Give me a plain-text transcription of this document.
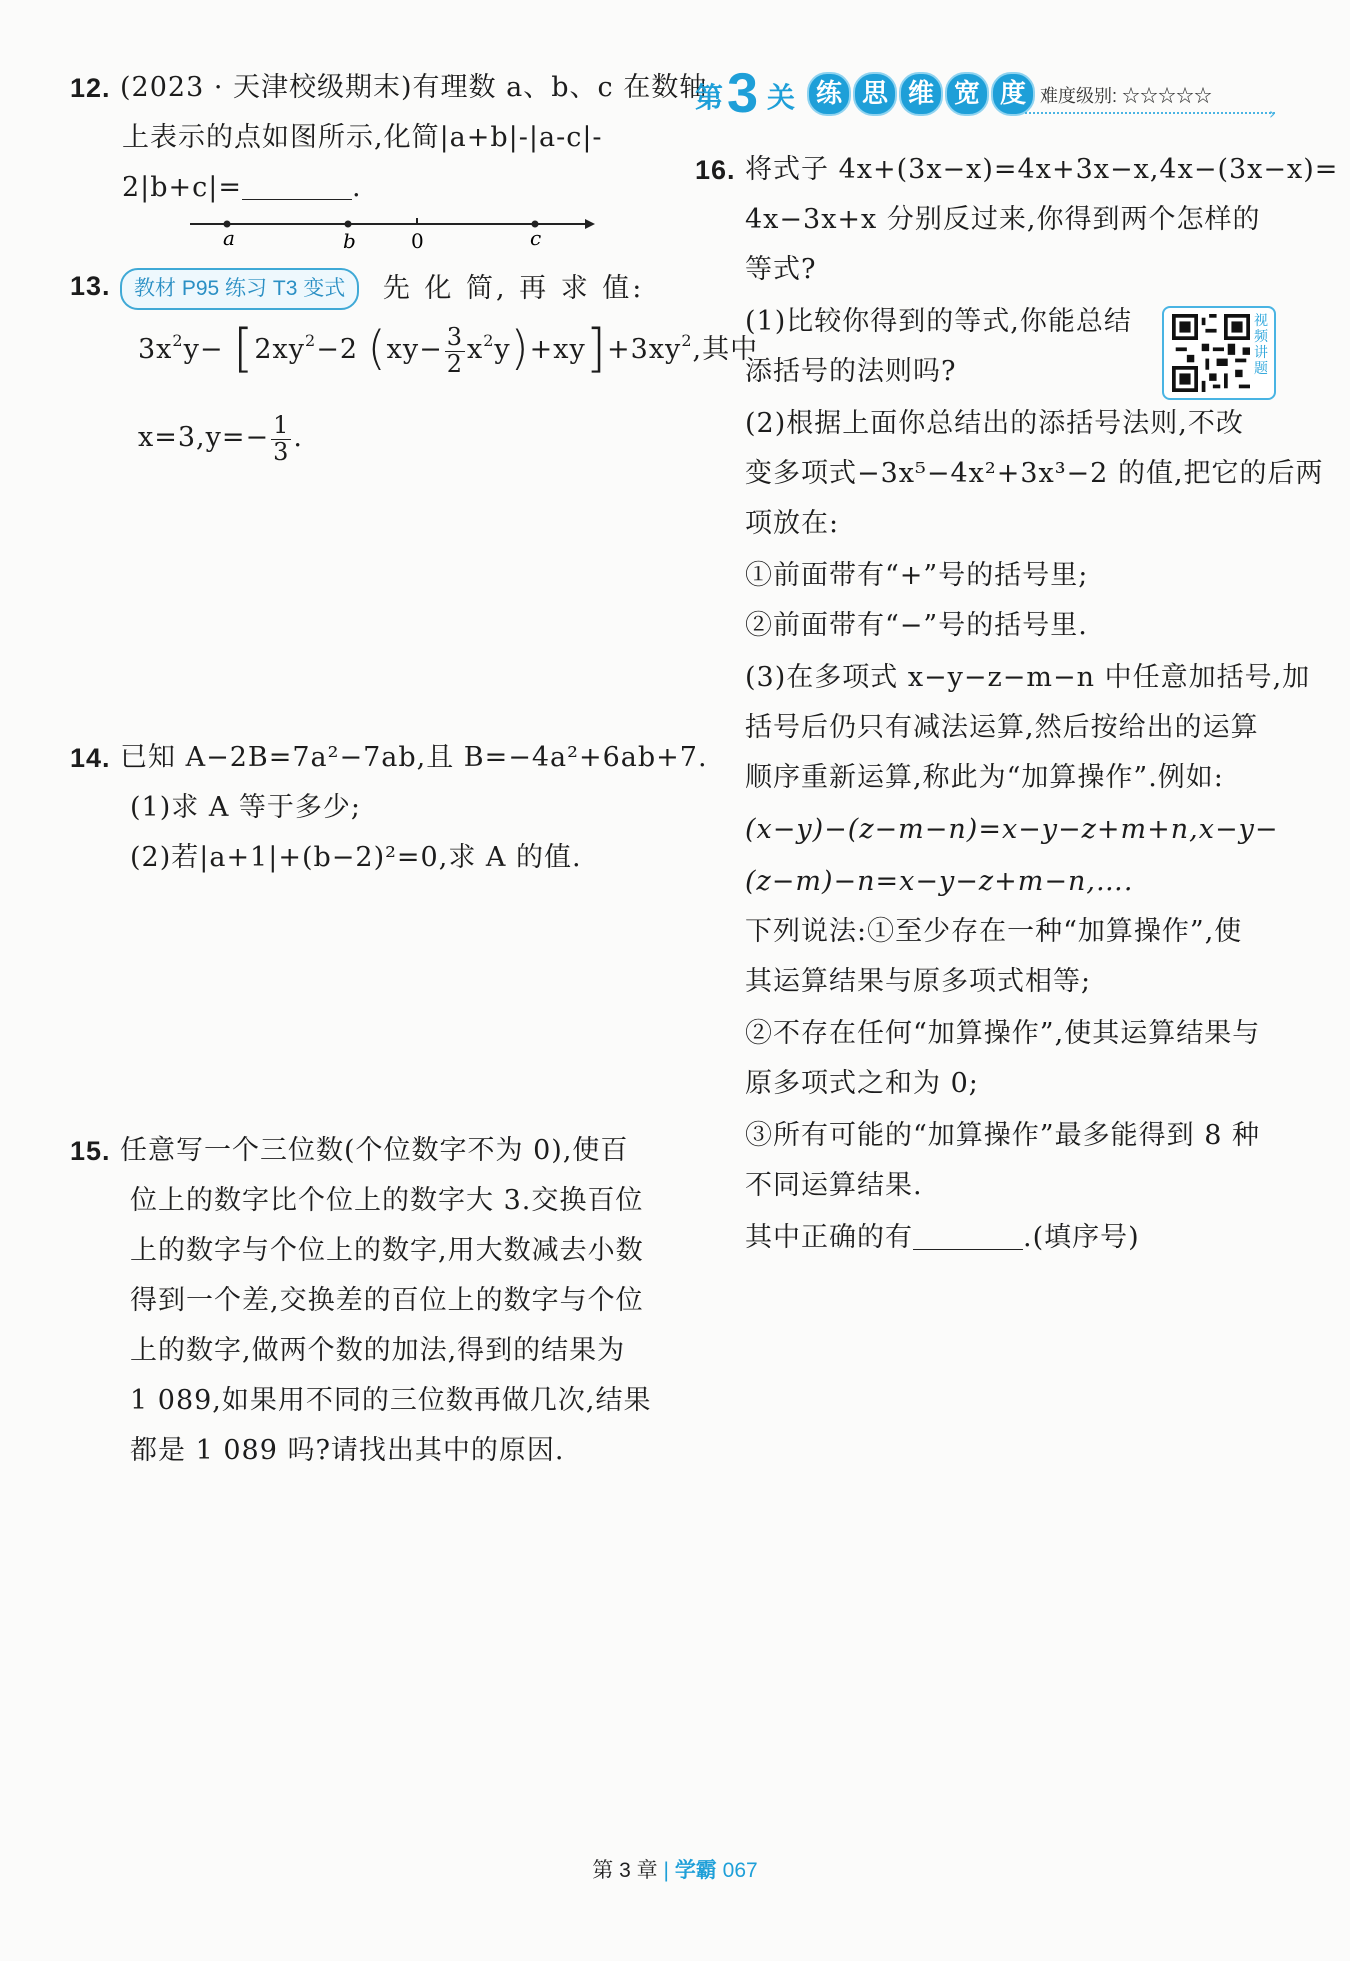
12. (2023 · 天津校级期末)有理数 a、b、c 在数轴
上表示的点如图所示,化简|a+b|-|a-c|-
2|b+c|=	.
a	b	0	c
13. 教材 P95 练习 T3 变式 先 化 简, 再 求 值:
$3x^2y- [2xy^2-2$ $(xy- \frac{3}{2} x^2y)+xy]+3xy^2$,其中
$x=3,y=- \frac{1}{3}$ .
14. 已知 A−2B=7a²−7ab,且 B=−4a²+6ab+7.
(1)求 A 等于多少;
(2)若|a+1|+(b−2)²=0,求 A 的值.
15. 任意写一个三位数(个位数字不为 0),使百
位上的数字比个位上的数字大 3.交换百位
上的数字与个位上的数字,用大数减去小数
得到一个差,交换差的百位上的数字与个位
上的数字,做两个数的加法,得到的结果为
1 089,如果用不同的三位数再做几次,结果
都是 1 089 吗?请找出其中的原因.
第 3 关 练 思 维 宽 度 难度级别: ☆☆☆☆☆
›
视频讲题
16. 将式子 4x+(3x−x)=4x+3x−x,4x−(3x−x)=
4x−3x+x 分别反过来,你得到两个怎样的
等式?
(1)比较你得到的等式,你能总结
添括号的法则吗?
(2)根据上面你总结出的添括号法则,不改
变多项式−3x⁵−4x²+3x³−2 的值,把它的后两
项放在:
①前面带有“+”号的括号里;
②前面带有“−”号的括号里.
(3)在多项式 x−y−z−m−n 中任意加括号,加
括号后仍只有减法运算,然后按给出的运算
顺序重新运算,称此为“加算操作”.例如:
(x−y)−(z−m−n)=x−y−z+m+n,x−y−
(z−m)−n=x−y−z+m−n,….
下列说法:①至少存在一种“加算操作”,使
其运算结果与原多项式相等;
②不存在任何“加算操作”,使其运算结果与
原多项式之和为 0;
③所有可能的“加算操作”最多能得到 8 种
不同运算结果.
其中正确的有	.(填序号)
第 3 章 | 学霸 067
